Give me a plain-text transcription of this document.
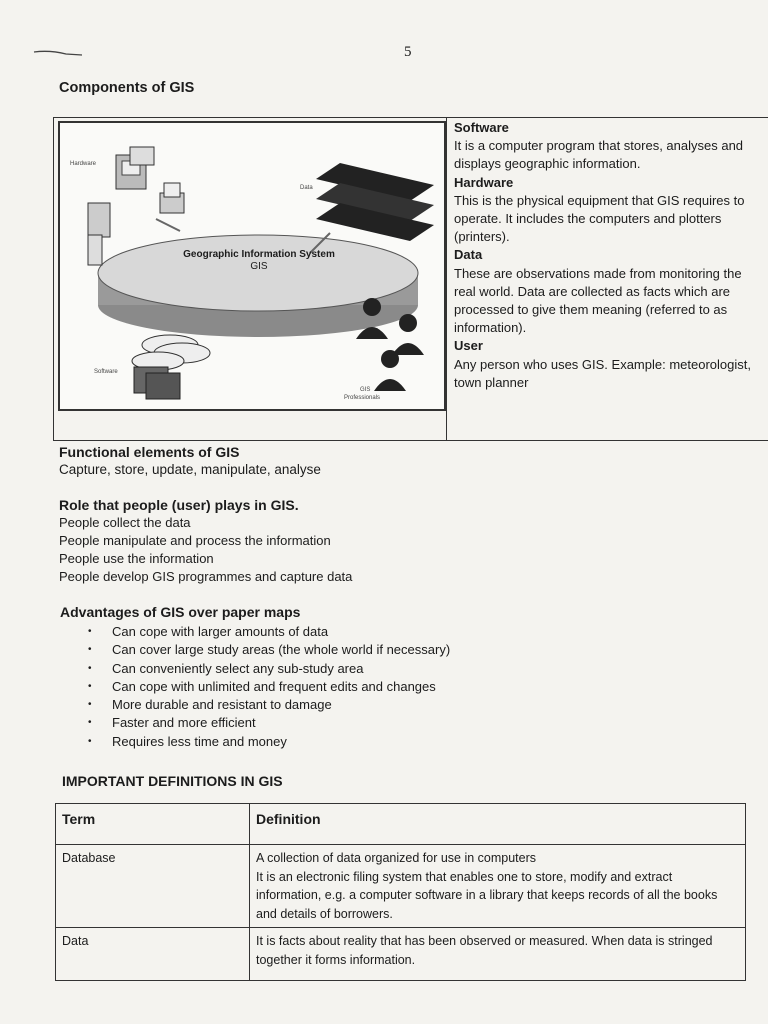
5
Components of GIS
Geographic Information System
GIS
Hardware
Data
Software
GIS
Professionals
Software
It is a computer program that stores, analyses and displays geographic information.
Hardware
This is the physical equipment that GIS requires to operate. It includes the computers and plotters (printers).
Data
These are observations made from monitoring the real world. Data are collected as facts which are processed to give them meaning (referred to as information).
User
Any person who uses GIS. Example: meteorologist, town planner
Functional elements of GIS
Capture, store, update, manipulate, analyse
Role that people (user) plays in GIS.
People collect the data
People manipulate and process the information
People use the information
People develop GIS programmes and capture data
Advantages of GIS over paper maps
• Can cope with larger amounts of data
• Can cover large study areas (the whole world if necessary)
• Can conveniently select any sub-study area
• Can cope with unlimited and frequent edits and changes
• More durable and resistant to damage
• Faster and more efficient
• Requires less time and money
IMPORTANT DEFINITIONS IN GIS
Term	Definition
Database	A collection of data organized for use in computers
It is an electronic filing system that enables one to store, modify and extract information, e.g. a computer software in a library that keeps records of all the books and details of borrowers.

Data	It is facts about reality that has been observed or measured. When data is stringed together it forms information.
